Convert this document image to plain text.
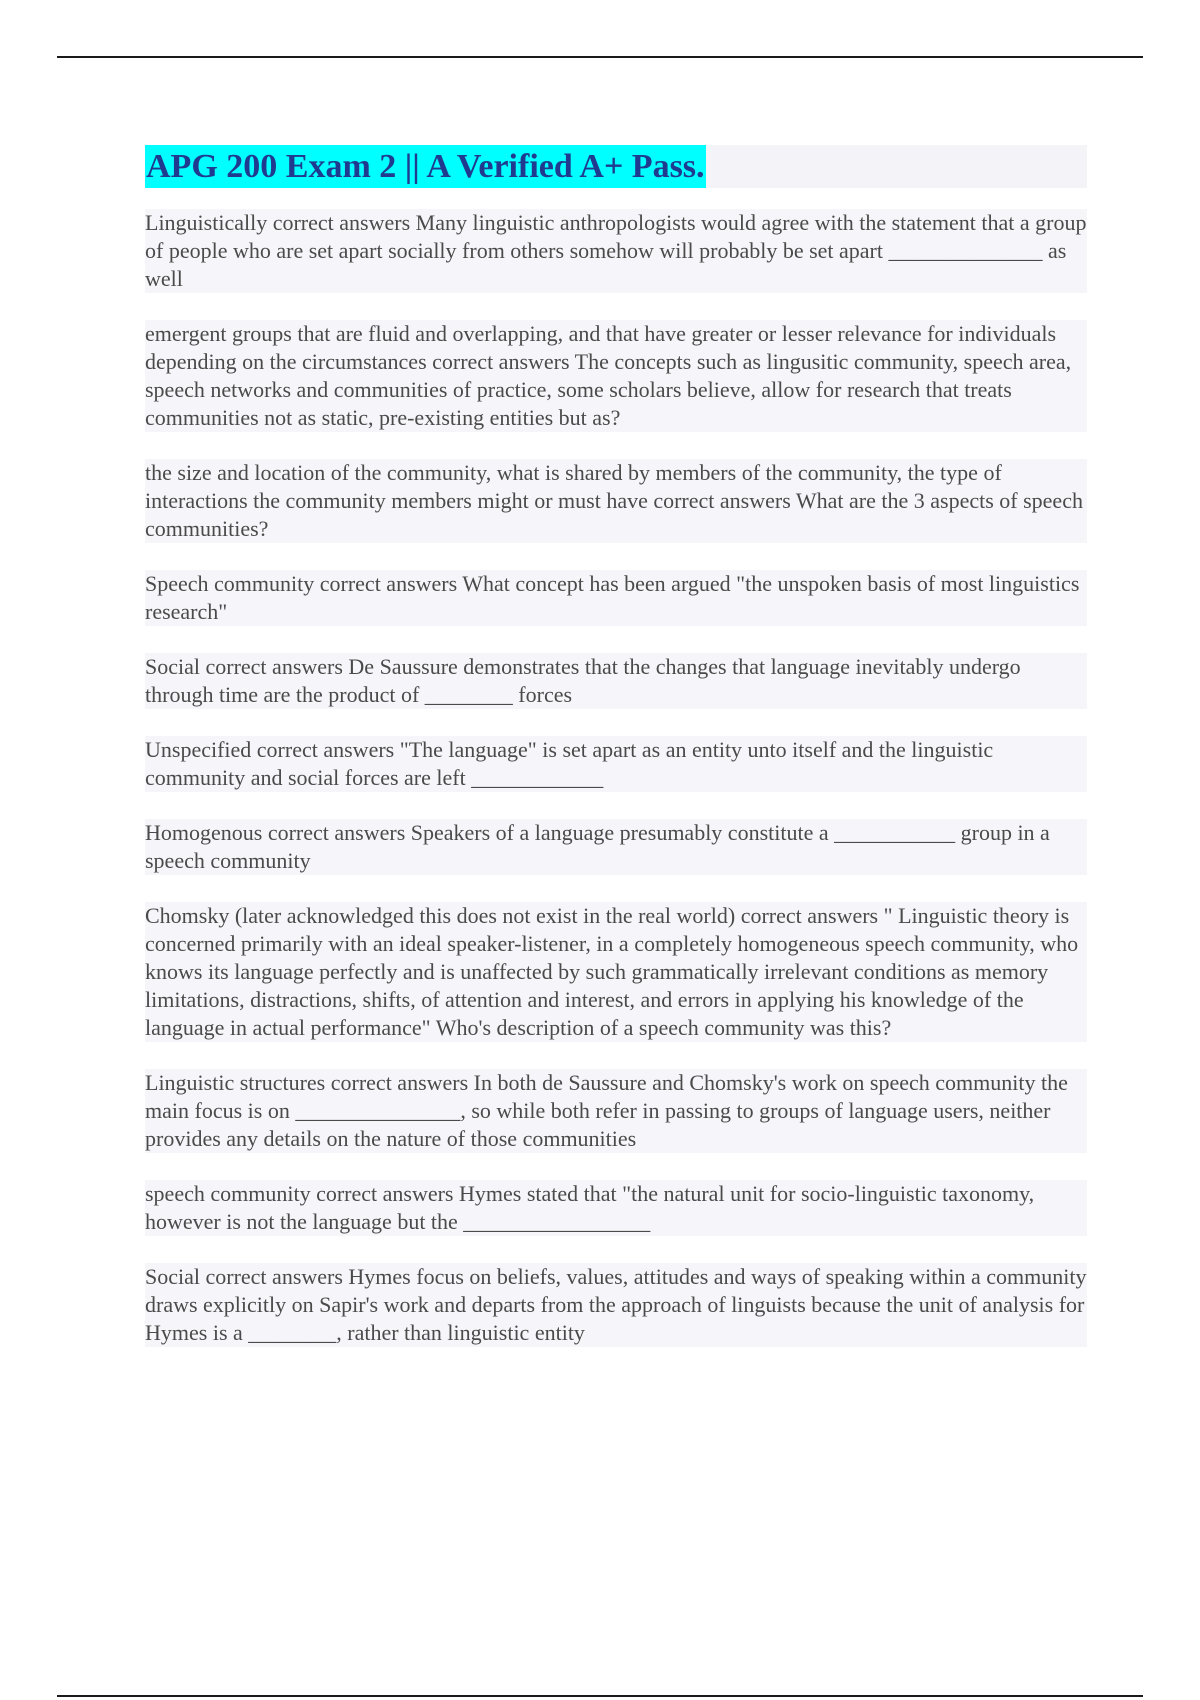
APG 200 Exam 2 || A Verified A+ Pass.

Linguistically correct answers Many linguistic anthropologists would agree with the statement that a group of people who are set apart socially from others somehow will probably be set apart ______________ as well

emergent groups that are fluid and overlapping, and that have greater or lesser relevance for individuals depending on the circumstances correct answers The concepts such as lingusitic community, speech area, speech networks and communities of practice, some scholars believe, allow for research that treats communities not as static, pre-existing entities but as?

the size and location of the community, what is shared by members of the community, the type of interactions the community members might or must have correct answers What are the 3 aspects of speech communities?

Speech community correct answers What concept has been argued "the unspoken basis of most linguistics research"

Social correct answers De Saussure demonstrates that the changes that language inevitably undergo through time are the product of ________ forces

Unspecified correct answers "The language" is set apart as an entity unto itself and the linguistic community and social forces are left ____________

Homogenous correct answers Speakers of a language presumably constitute a ___________ group in a speech community

Chomsky (later acknowledged this does not exist in the real world) correct answers " Linguistic theory is concerned primarily with an ideal speaker-listener, in a completely homogeneous speech community, who knows its language perfectly and is unaffected by such grammatically irrelevant conditions as memory limitations, distractions, shifts, of attention and interest, and errors in applying his knowledge of the language in actual performance" Who's description of a speech community was this?

Linguistic structures correct answers In both de Saussure and Chomsky's work on speech community the main focus is on _______________, so while both refer in passing to groups of language users, neither provides any details on the nature of those communities

speech community correct answers Hymes stated that "the natural unit for socio-linguistic taxonomy, however is not the language but the _________________

Social correct answers Hymes focus on beliefs, values, attitudes and ways of speaking within a community draws explicitly on Sapir's work and departs from the approach of linguists because the unit of analysis for Hymes is a ________, rather than linguistic entity
